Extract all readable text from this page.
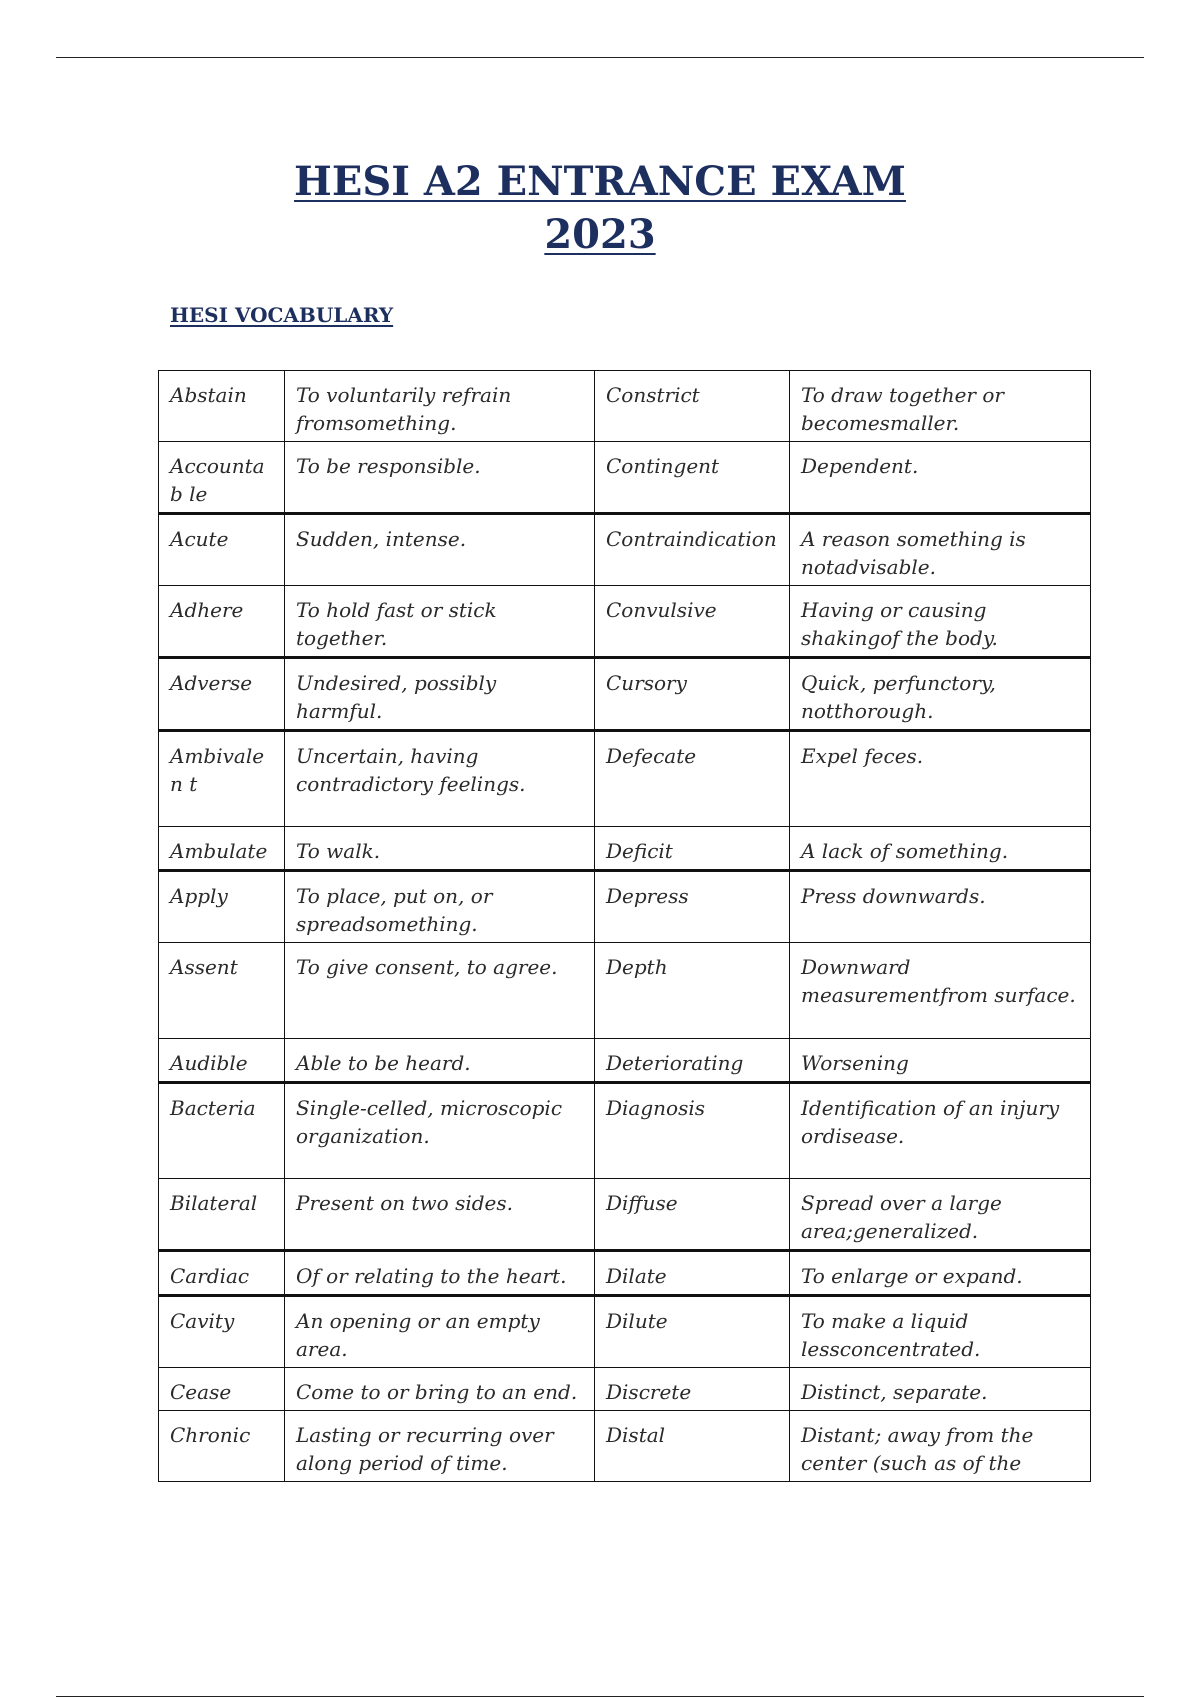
HESI A2 ENTRANCE EXAM
2023
HESI VOCABULARY
Abstain	To voluntarily refrain fromsomething.	Constrict	To draw together or becomesmaller.
Accountab le	To be responsible.	Contingent	Dependent.
Acute	Sudden, intense.	Contraindication	A reason something is notadvisable.
Adhere	To hold fast or stick together.	Convulsive	Having or causing shakingof the body.
Adverse	Undesired, possibly harmful.	Cursory	Quick, perfunctory, notthorough.
Ambivalen t	Uncertain, having contradictory feelings.	Defecate	Expel feces.
Ambulate	To walk.	Deficit	A lack of something.
Apply	To place, put on, or spreadsomething.	Depress	Press downwards.
Assent	To give consent, to agree.	Depth	Downward measurementfrom surface.
Audible	Able to be heard.	Deteriorating	Worsening
Bacteria	Single-celled, microscopic organization.	Diagnosis	Identification of an injury ordisease.
Bilateral	Present on two sides.	Diffuse	Spread over a large area;generalized.
Cardiac	Of or relating to the heart.	Dilate	To enlarge or expand.
Cavity	An opening or an empty area.	Dilute	To make a liquid lessconcentrated.
Cease	Come to or bring to an end.	Discrete	Distinct, separate.
Chronic	Lasting or recurring over along period of time.	Distal	Distant; away from the center (such as of the
